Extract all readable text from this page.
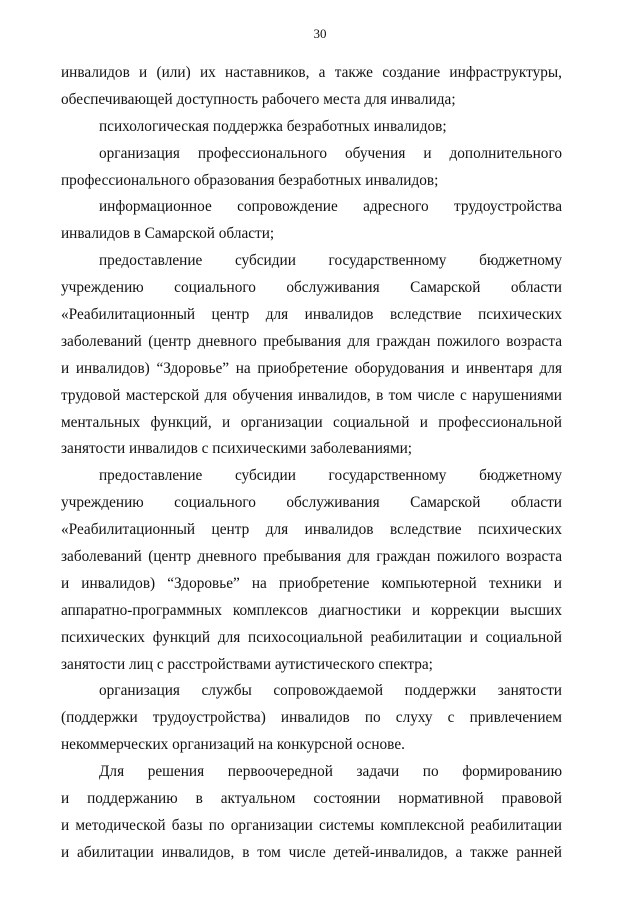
30
инвалидов и (или) их наставников, а также создание инфраструктуры,
обеспечивающей доступность рабочего места для инвалида;
психологическая поддержка безработных инвалидов;
организация профессионального обучения и дополнительного
профессионального образования безработных инвалидов;
информационное сопровождение адресного трудоустройства
инвалидов в Самарской области;
предоставление субсидии государственному бюджетному
учреждению социального обслуживания Самарской области
«Реабилитационный центр для инвалидов вследствие психических
заболеваний (центр дневного пребывания для граждан пожилого возраста
и инвалидов) “Здоровье” на приобретение оборудования и инвентаря для
трудовой мастерской для обучения инвалидов, в том числе с нарушениями
ментальных функций, и организации социальной и профессиональной
занятости инвалидов с психическими заболеваниями;
предоставление субсидии государственному бюджетному
учреждению социального обслуживания Самарской области
«Реабилитационный центр для инвалидов вследствие психических
заболеваний (центр дневного пребывания для граждан пожилого возраста
и инвалидов) “Здоровье” на приобретение компьютерной техники и
аппаратно-программных комплексов диагностики и коррекции высших
психических функций для психосоциальной реабилитации и социальной
занятости лиц с расстройствами аутистического спектра;
организация службы сопровождаемой поддержки занятости
(поддержки трудоустройства) инвалидов по слуху с привлечением
некоммерческих организаций на конкурсной основе.
Для решения первоочередной задачи по формированию
и поддержанию в актуальном состоянии нормативной правовой
и методической базы по организации системы комплексной реабилитации
и абилитации инвалидов, в том числе детей-инвалидов, а также ранней
